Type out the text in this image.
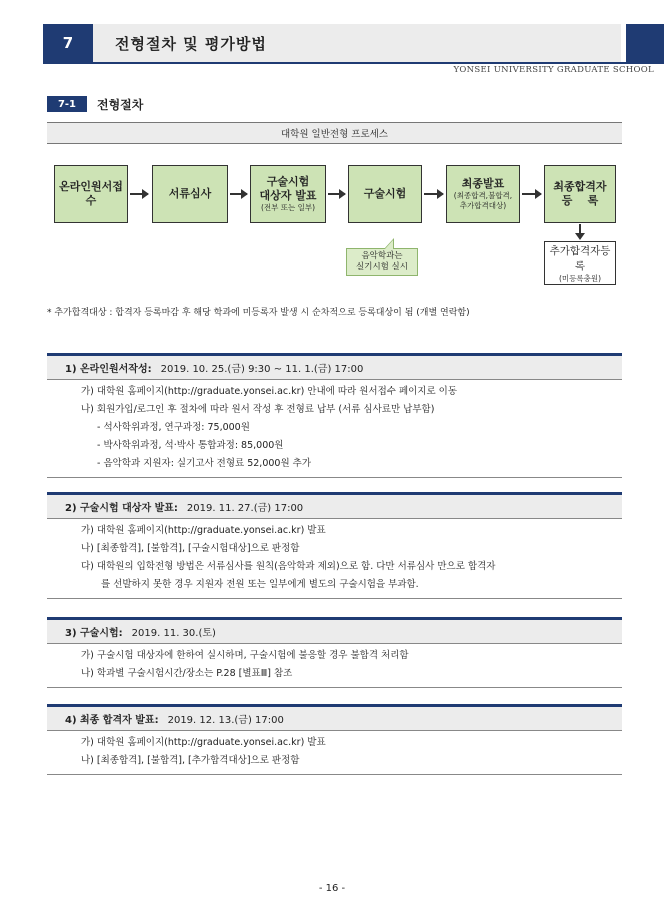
7	전형절차 및 평가방법
YONSEI UNIVERSITY GRADUATE SCHOOL
7-1	전형절차
대학원 일반전형 프로세스
온라인원서접수
서류심사
구술시험
대상자 발표
(전부 또는 일부)
구술시험
최종발표
(최종합격,불합격,
추가합격대상)
최종합격자
등    록
추가합격자등록
(미등록충원)
음악학과는
실기시험 실시
* 추가합격대상 : 합격자 등록마감 후 해당 학과에 미등록자 발생 시 순차적으로 등록대상이 됨 (개별 연락함)
1) 온라인원서작성: 2019. 10. 25.(금) 9:30 ~ 11. 1.(금) 17:00
가) 대학원 홈페이지(http://graduate.yonsei.ac.kr) 안내에 따라 원서접수 페이지로 이동
나) 회원가입/로그인 후 절차에 따라 원서 작성 후 전형료 납부 (서류 심사료만 납부함)
- 석사학위과정, 연구과정: 75,000원
- 박사학위과정, 석·박사 통합과정: 85,000원
- 음악학과 지원자: 실기고사 전형료 52,000원 추가
2) 구술시험 대상자 발표: 2019. 11. 27.(금) 17:00
가) 대학원 홈페이지(http://graduate.yonsei.ac.kr) 발표
나) [최종합격], [불합격], [구술시험대상]으로 판정함
다) 대학원의 입학전형 방법은 서류심사를 원칙(음악학과 제외)으로 함. 다만 서류심사 만으로 합격자
를 선발하지 못한 경우 지원자 전원 또는 일부에게 별도의 구술시험을 부과함.
3) 구술시험: 2019. 11. 30.(토)
가) 구술시험 대상자에 한하여 실시하며, 구술시험에 불응할 경우 불합격 처리함
나) 학과별 구술시험시간/장소는 P.28 [별표Ⅲ] 참조
4) 최종 합격자 발표: 2019. 12. 13.(금) 17:00
가) 대학원 홈페이지(http://graduate.yonsei.ac.kr) 발표
나) [최종합격], [불합격], [추가합격대상]으로 판정함
- 16 -
